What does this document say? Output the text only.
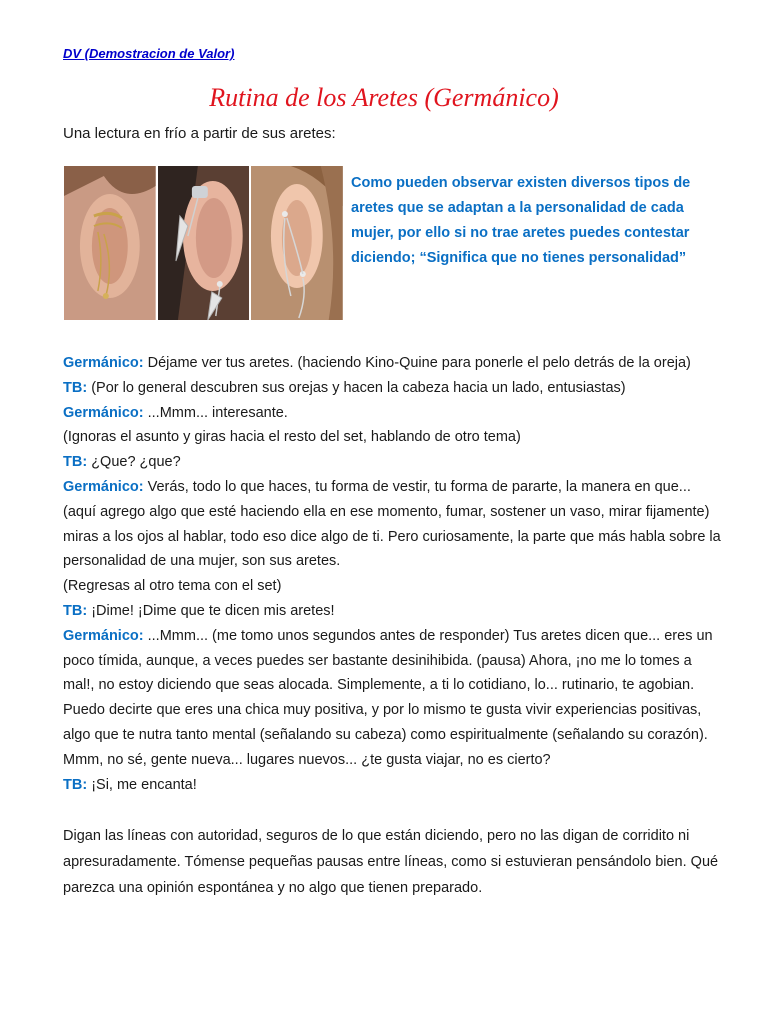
DV (Demostracion de Valor)
Rutina de los Aretes (Germánico)

Una lectura en frío a partir de sus aretes:

Como pueden observar existen diversos tipos de aretes que se adaptan a la personalidad de cada mujer, por ello si no trae aretes puedes contestar diciendo; “Significa que no tienes personalidad”

Germánico: Déjame ver tus aretes. (haciendo Kino-Quine para ponerle el pelo detrás de la oreja)

TB: (Por lo general descubren sus orejas y hacen la cabeza hacia un lado, entusiastas)

Germánico: ...Mmm... interesante.

(Ignoras el asunto y giras hacia el resto del set, hablando de otro tema)

TB: ¿Que? ¿que?

Germánico: Verás, todo lo que haces, tu forma de vestir, tu forma de pararte, la manera en que... (aquí agrego algo que esté haciendo ella en ese momento, fumar, sostener un vaso, mirar fijamente) miras a los ojos al hablar, todo eso dice algo de ti. Pero curiosamente, la parte que más habla sobre la personalidad de una mujer, son sus aretes.

(Regresas al otro tema con el set)

TB: ¡Dime! ¡Dime que te dicen mis aretes!

Germánico: ...Mmm... (me tomo unos segundos antes de responder) Tus aretes dicen que... eres un poco tímida, aunque, a veces puedes ser bastante desinihibida. (pausa) Ahora, ¡no me lo tomes a mal!, no estoy diciendo que seas alocada. Simplemente, a ti lo cotidiano, lo... rutinario, te agobian. Puedo decirte que eres una chica muy positiva, y por lo mismo te gusta vivir experiencias positivas, algo que te nutra tanto mental (señalando su cabeza) como espiritualmente (señalando su corazón). Mmm, no sé, gente nueva... lugares nuevos... ¿te gusta viajar, no es cierto?

TB: ¡Si, me encanta!

Digan las líneas con autoridad, seguros de lo que están diciendo, pero no las digan de corridito ni apresuradamente. Tómense pequeñas pausas entre líneas, como si estuvieran pensándolo bien. Qué parezca una opinión espontánea y no algo que tienen preparado.
